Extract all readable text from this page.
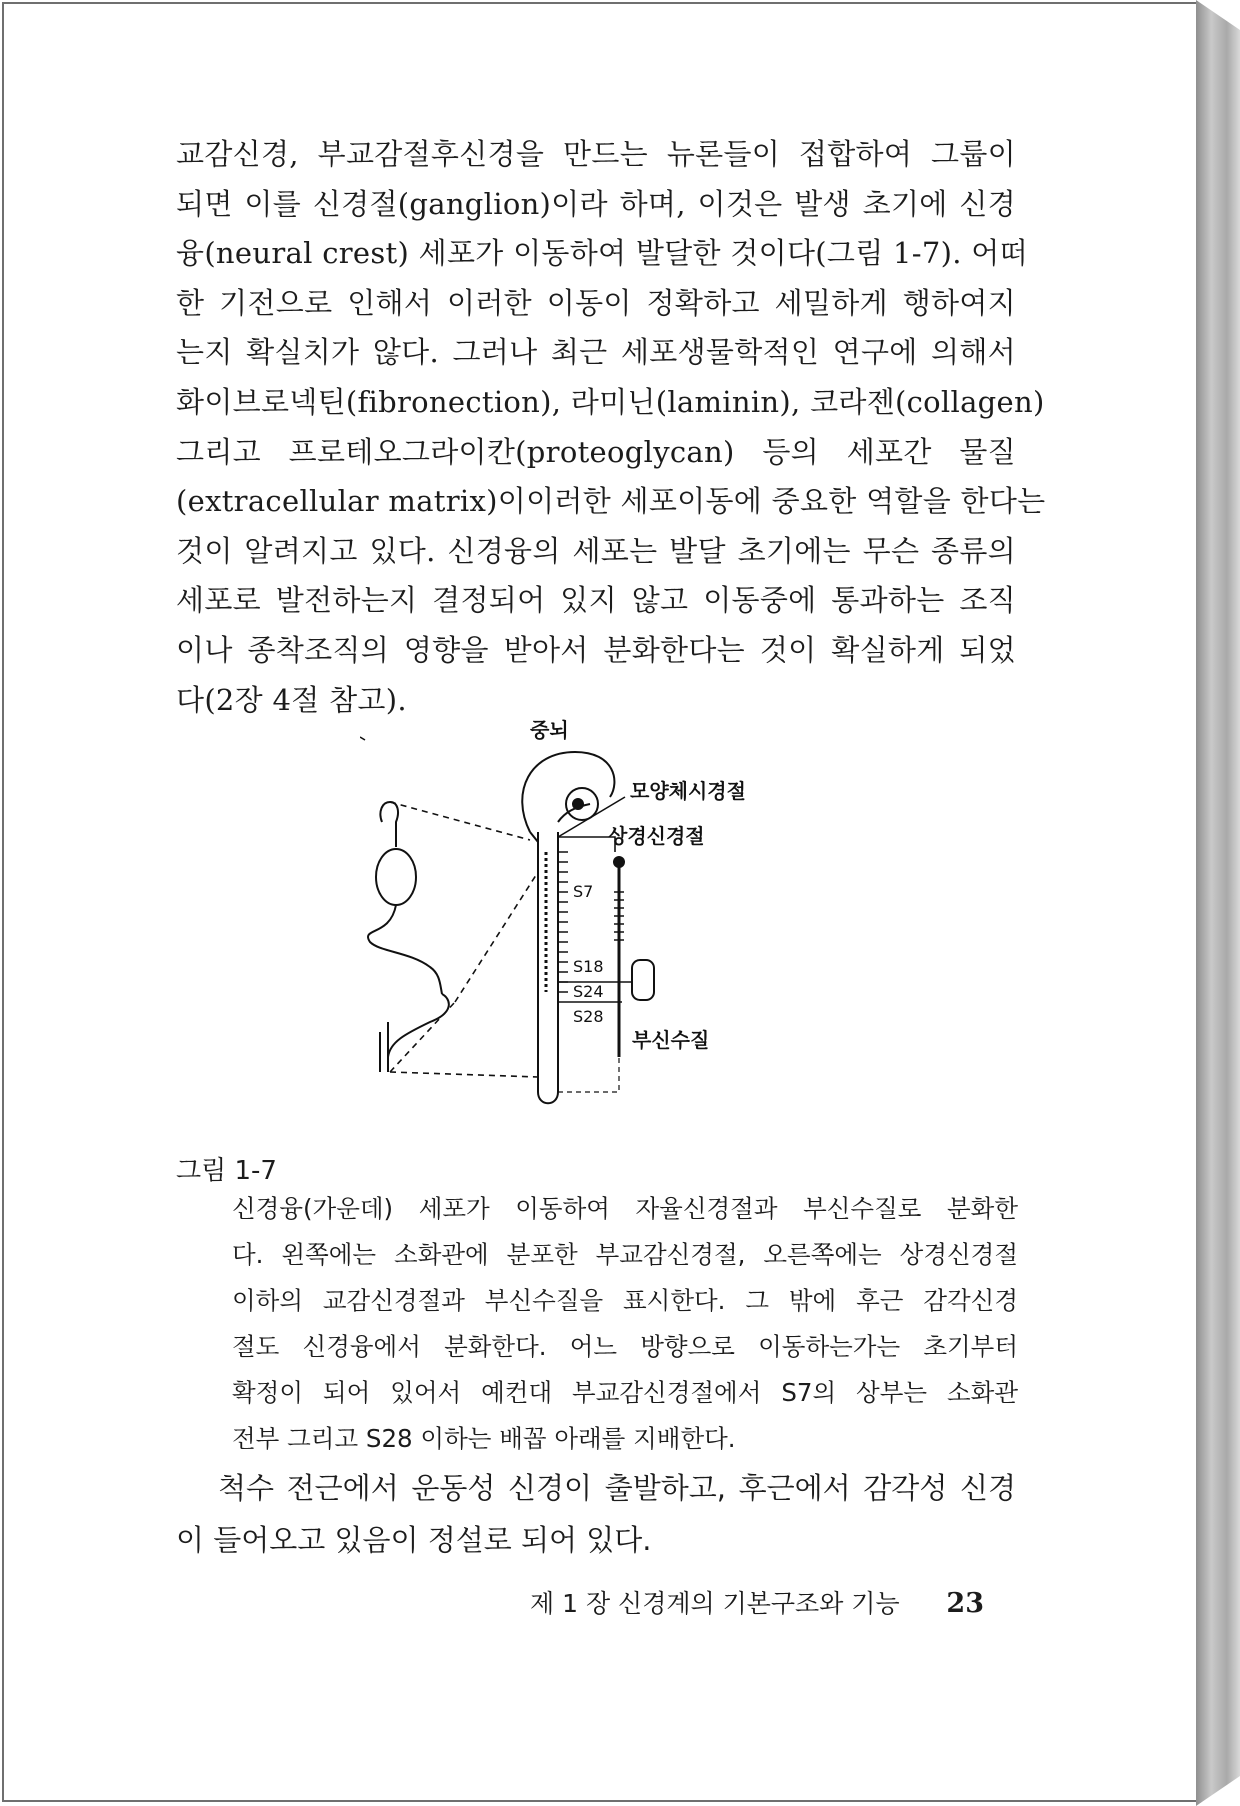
교감신경, 부교감절후신경을 만드는 뉴론들이 접합하여 그룹이
되면 이를 신경절(ganglion)이라 하며, 이것은 발생 초기에 신경
융(neural crest) 세포가 이동하여 발달한 것이다(그림 1-7). 어떠
한 기전으로 인해서 이러한 이동이 정확하고 세밀하게 행하여지
는지 확실치가 않다. 그러나 최근 세포생물학적인 연구에 의해서
화이브로넥틴(fibronection), 라미닌(laminin), 코라젠(collagen)
그리고 프로테오그라이칸(proteoglycan) 등의 세포간 물질
(extracellular matrix)이이러한 세포이동에 중요한 역할을 한다는
것이 알려지고 있다. 신경융의 세포는 발달 초기에는 무슨 종류의
세포로 발전하는지 결정되어 있지 않고 이동중에 통과하는 조직
이나 종착조직의 영향을 받아서 분화한다는 것이 확실하게 되었
다(2장 4절 참고).
중뇌
모양체시경절
상경신경절
부신수질
S7
S18
S24
S28
그림 1-7
신경융(가운데) 세포가 이동하여 자율신경절과 부신수질로 분화한
다. 왼쪽에는 소화관에 분포한 부교감신경절, 오른쪽에는 상경신경절
이하의 교감신경절과 부신수질을 표시한다. 그 밖에 후근 감각신경
절도 신경융에서 분화한다. 어느 방향으로 이동하는가는 초기부터
확정이 되어 있어서 예컨대 부교감신경절에서 S7의 상부는 소화관
전부 그리고 S28 이하는 배꼽 아래를 지배한다.
척수 전근에서 운동성 신경이 출발하고, 후근에서 감각성 신경
이 들어오고 있음이 정설로 되어 있다.
제 1 장 신경계의 기본구조와 기능 23
